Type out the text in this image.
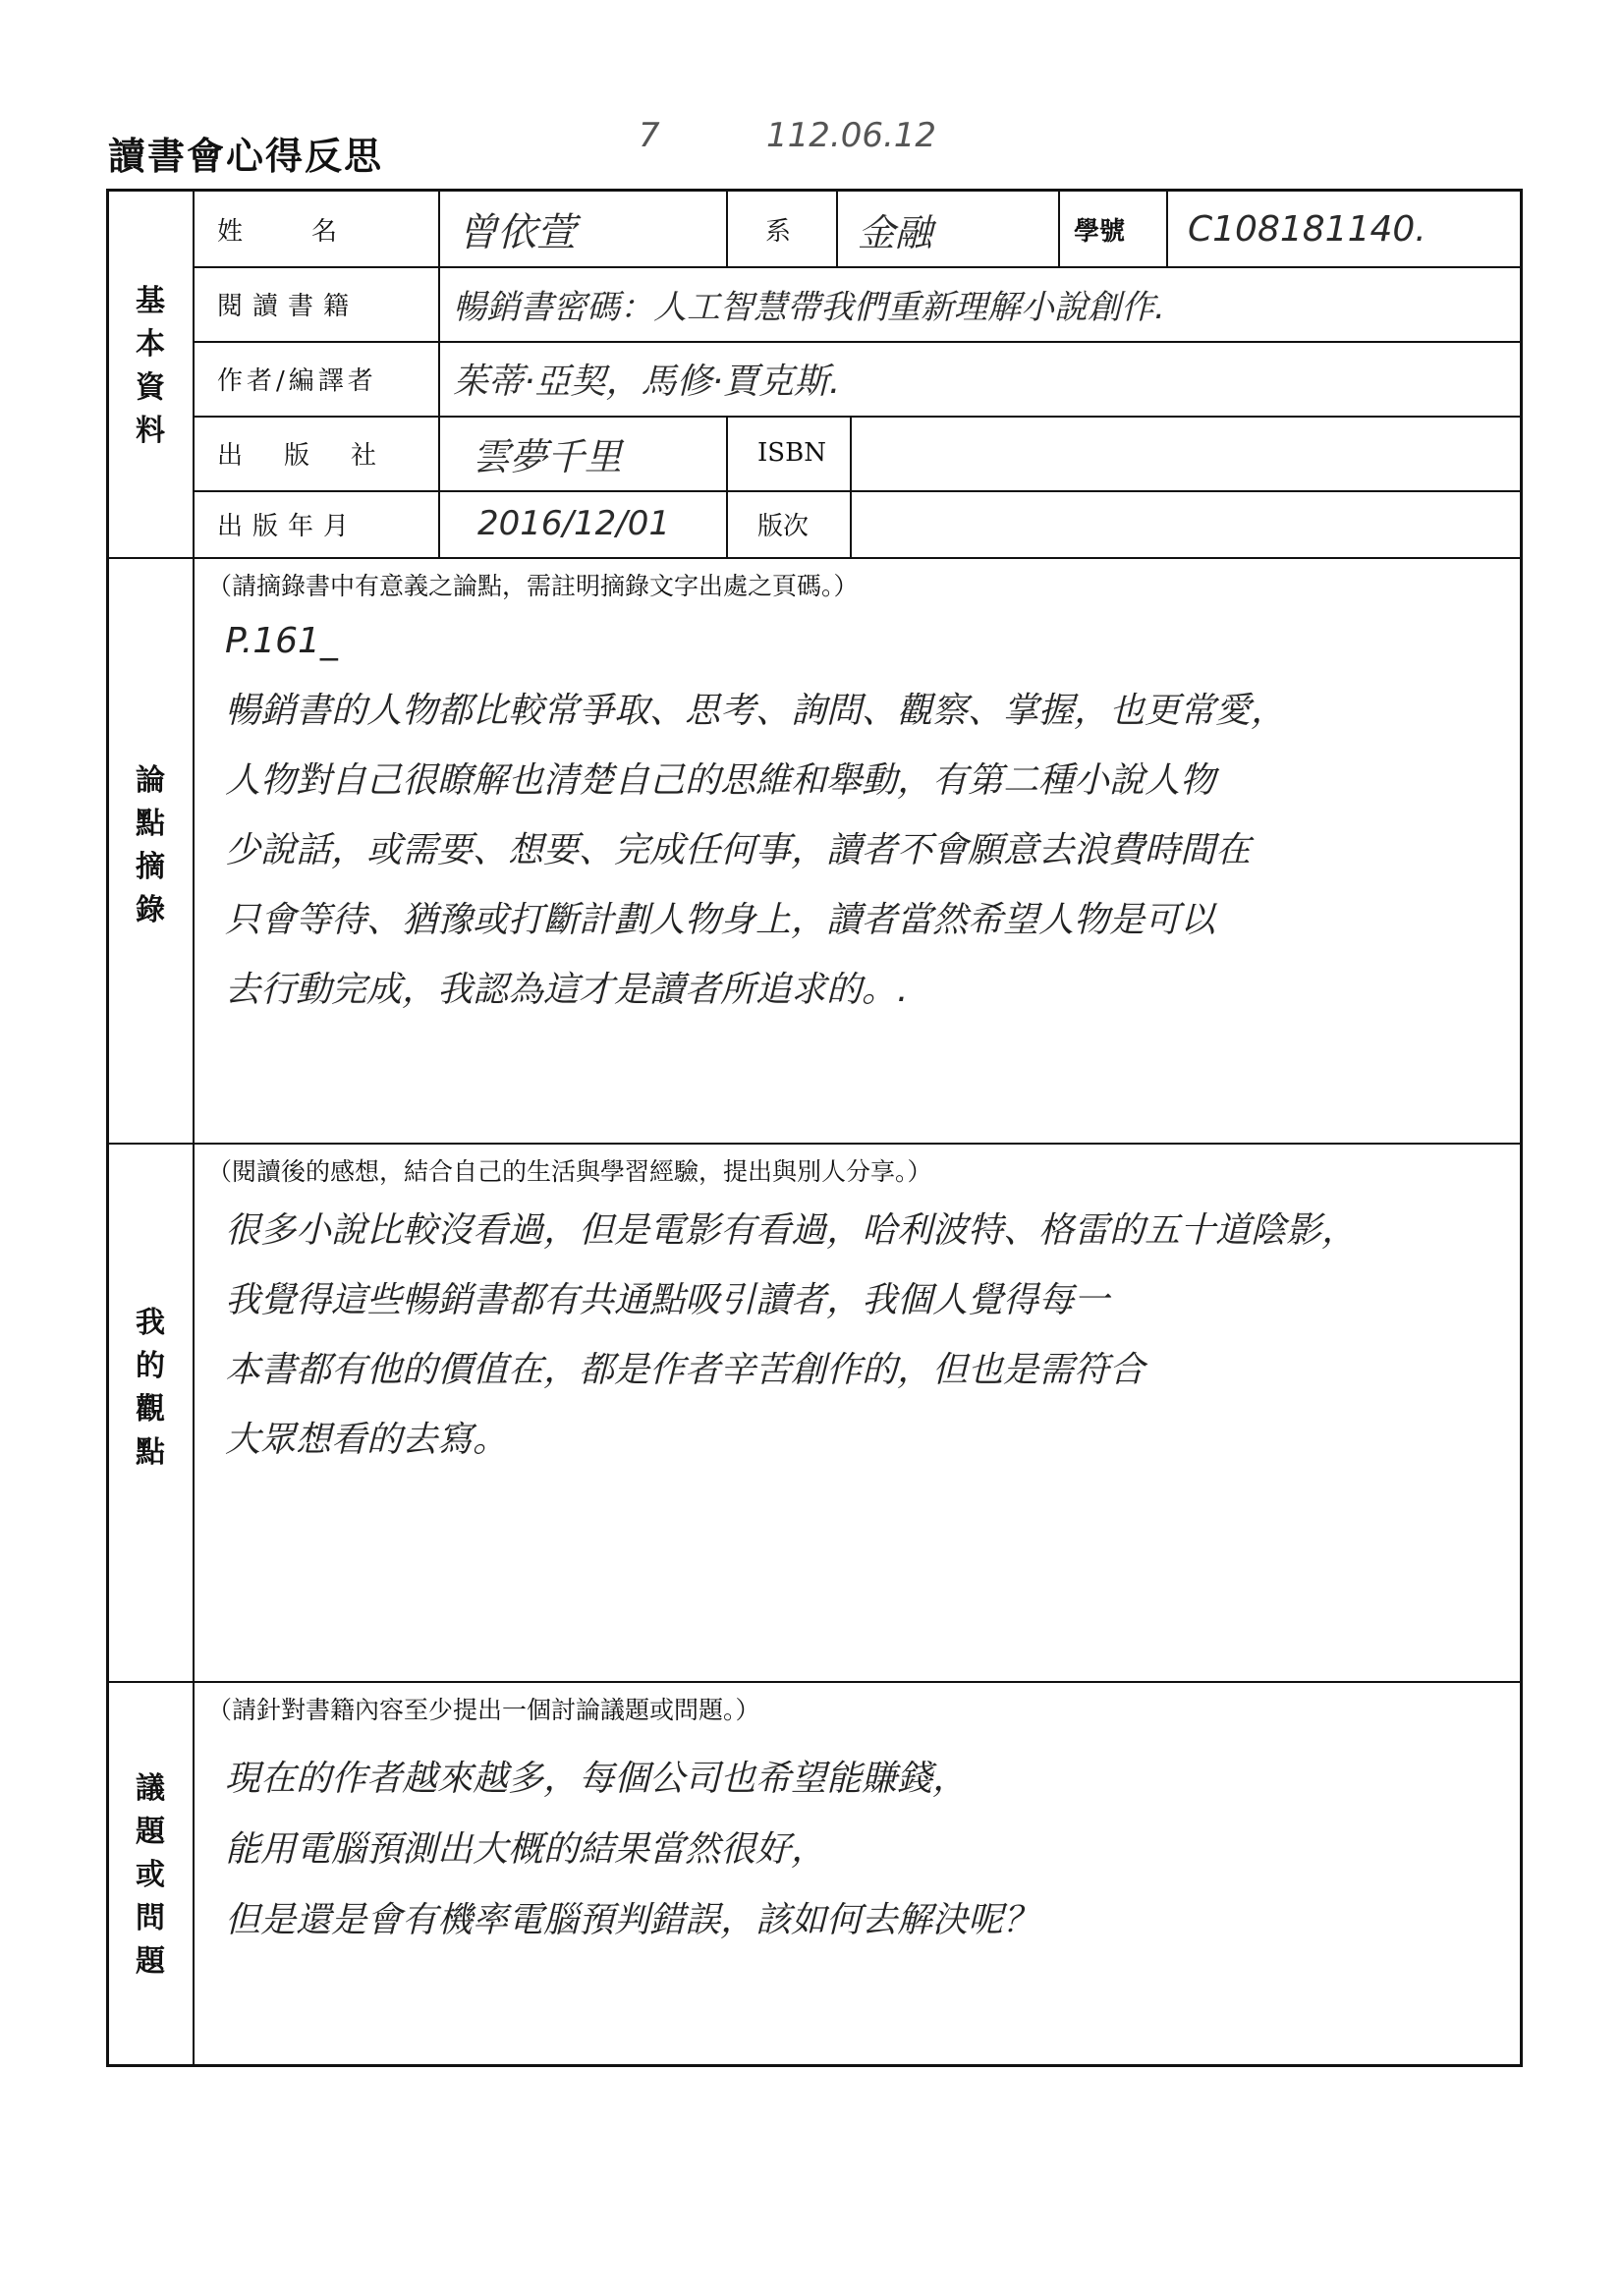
讀書會心得反思	7	112.06.12
基本資料
姓　　名	曾依萱	系 金融	學號 C108181140.
閱讀書籍	暢銷書密碼：人工智慧帶我們重新理解小說創作.
作者/編譯者 茱蒂·亞契，馬修·賈克斯.
出　版　社 雲夢千里	ISBN
出版年月	2016/12/01	版次
論點摘錄
（請摘錄書中有意義之論點，需註明摘錄文字出處之頁碼。）
P.161_
暢銷書的人物都比較常爭取、思考、詢問、觀察、掌握，也更常愛，
人物對自己很瞭解也清楚自己的思維和舉動，有第二種小說人物
少說話，或需要、想要、完成任何事，讀者不會願意去浪費時間在
只會等待、猶豫或打斷計劃人物身上，讀者當然希望人物是可以
去行動完成，我認為這才是讀者所追求的。.
我的觀點
（閱讀後的感想，結合自己的生活與學習經驗，提出與別人分享。）
很多小說比較沒看過，但是電影有看過，哈利波特、格雷的五十道陰影，
我覺得這些暢銷書都有共通點吸引讀者，我個人覺得每一
本書都有他的價值在，都是作者辛苦創作的，但也是需符合
大眾想看的去寫。
議題或問題
（請針對書籍內容至少提出一個討論議題或問題。）
現在的作者越來越多，每個公司也希望能賺錢，
能用電腦預測出大概的結果當然很好，
但是還是會有機率電腦預判錯誤，該如何去解決呢？
